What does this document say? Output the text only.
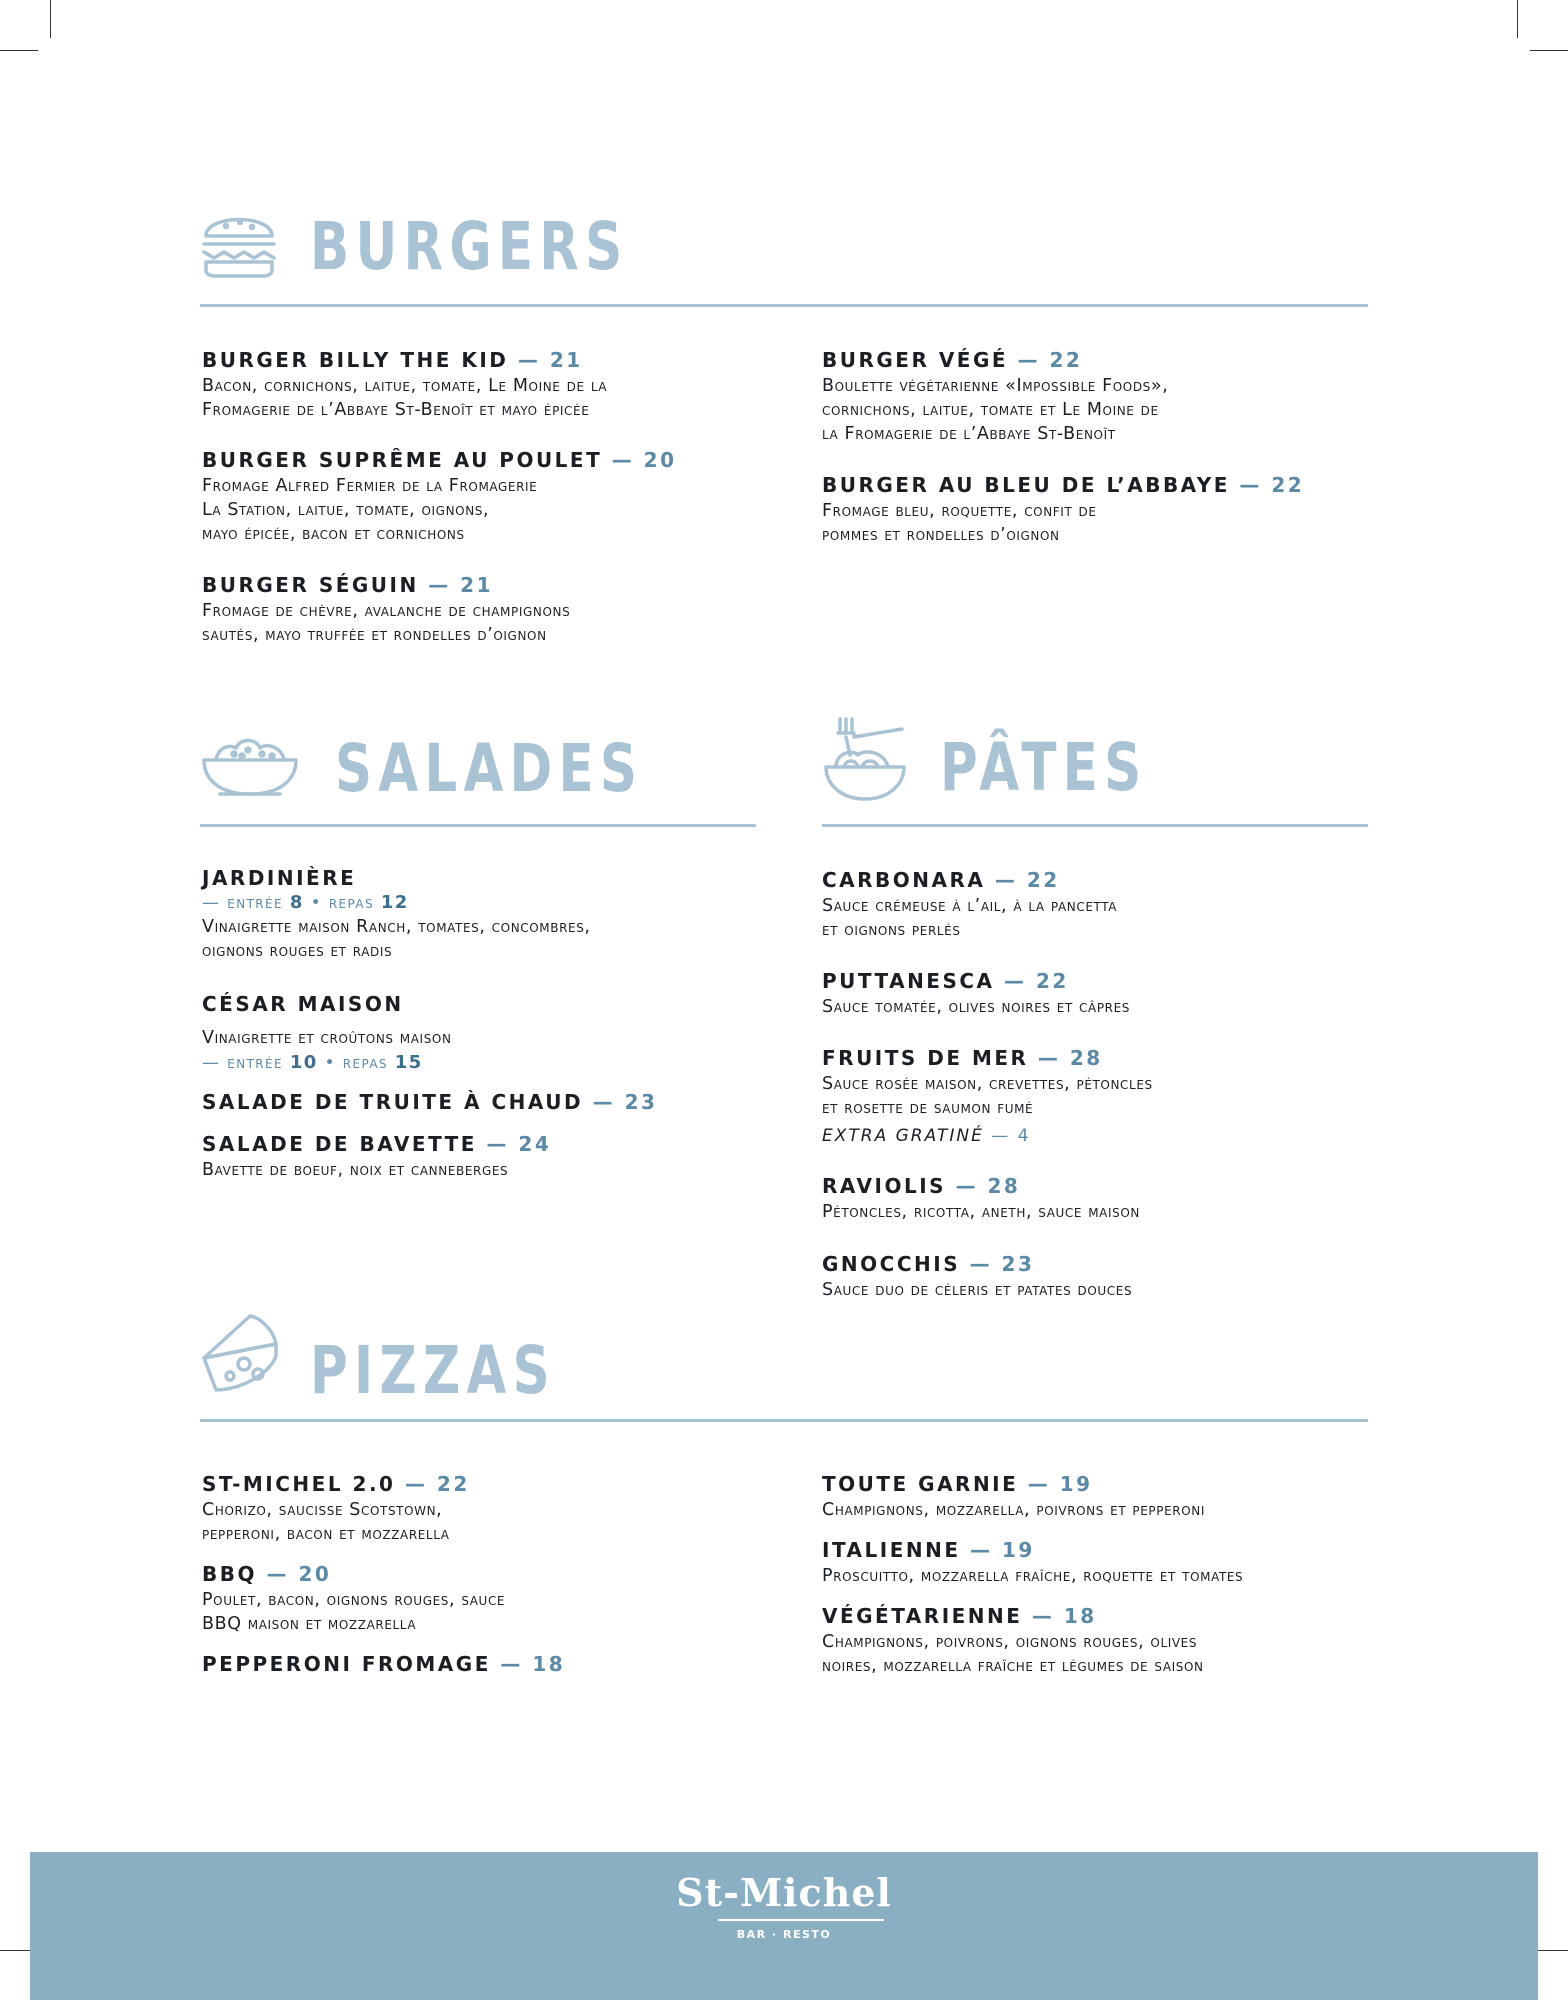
BURGERS
BURGER BILLY THE KID — 21
Bacon, cornichons, laitue, tomate, Le Moine de la
Fromagerie de l’Abbaye St-Benoît et mayo épicée
BURGER SUPRÊME AU POULET — 20
Fromage Alfred Fermier de la Fromagerie
La Station, laitue, tomate, oignons,
mayo épicée, bacon et cornichons
BURGER SÉGUIN — 21
Fromage de chèvre, avalanche de champignons
sautés, mayo truffée et rondelles d’oignon
BURGER VÉGÉ — 22
Boulette végétarienne «Impossible Foods»,
cornichons, laitue, tomate et Le Moine de
la Fromagerie de l’Abbaye St-Benoît
BURGER AU BLEU DE L’ABBAYE — 22
Fromage bleu, roquette, confit de
pommes et rondelles d’oignon
SALADES
JARDINIÈRE
— entrée 8 • repas 12
Vinaigrette maison Ranch, tomates, concombres,
oignons rouges et radis
CÉSAR MAISON
Vinaigrette et croûtons maison
— entrée 10 • repas 15
SALADE DE TRUITE À CHAUD — 23
SALADE DE BAVETTE — 24
Bavette de boeuf, noix et canneberges
PÂTES
CARBONARA — 22
Sauce crémeuse à l’ail, à la pancetta
et oignons perlés
PUTTANESCA — 22
Sauce tomatée, olives noires et câpres
FRUITS DE MER — 28
Sauce rosée maison, crevettes, pétoncles
et rosette de saumon fumé
EXTRA GRATINÉ — 4
RAVIOLIS — 28
Pétoncles, ricotta, aneth, sauce maison
GNOCCHIS — 23
Sauce duo de céleris et patates douces
PIZZAS
ST-MICHEL 2.0 — 22
Chorizo, saucisse Scotstown,
pepperoni, bacon et mozzarella
BBQ — 20
Poulet, bacon, oignons rouges, sauce
BBQ maison et mozzarella
PEPPERONI FROMAGE — 18
TOUTE GARNIE — 19
Champignons, mozzarella, poivrons et pepperoni
ITALIENNE — 19
Proscuitto, mozzarella fraîche, roquette et tomates
VÉGÉTARIENNE — 18
Champignons, poivrons, oignons rouges, olives
noires, mozzarella fraîche et légumes de saison
St-Michel
BAR · RESTO
